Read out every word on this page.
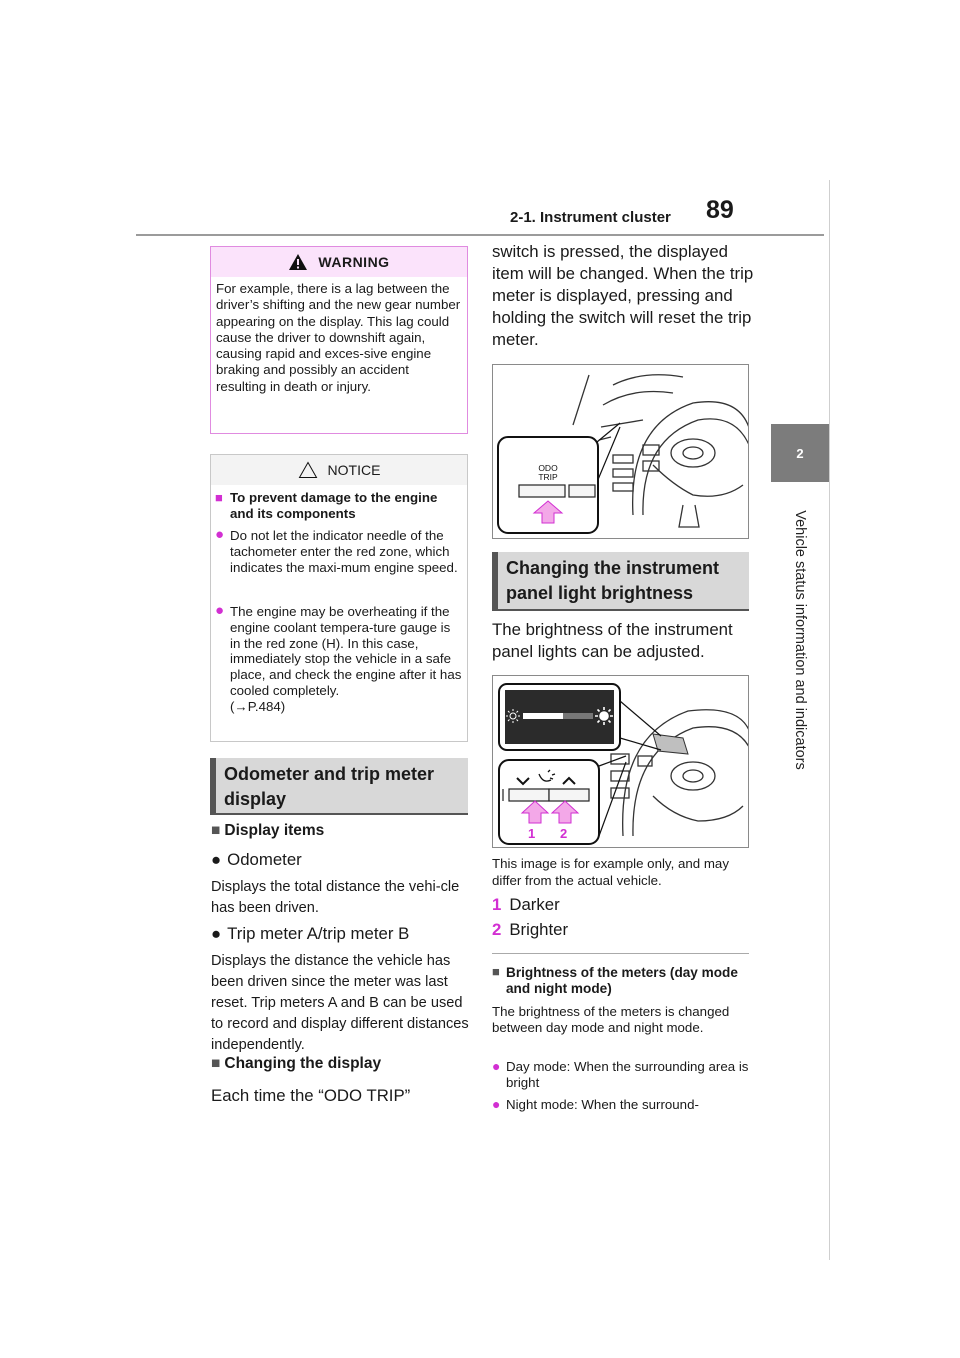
2-1. Instrument cluster 89
2
Vehicle status information and indicators
WARNING
For example, there is a lag between the driver’s shifting and the new gear number appearing on the display. This lag could cause the driver to downshift again, causing rapid and exces-sive engine braking and possibly an accident resulting in death or injury.
NOTICE
■ To prevent damage to the engine and its components
● Do not let the indicator needle of the tachometer enter the red zone, which indicates the maxi-mum engine speed.
● The engine may be overheating if the engine coolant tempera-ture gauge is in the red zone (H). In this case, immediately stop the vehicle in a safe place, and check the engine after it has cooled completely.
(→P.484)
Odometer and trip meter display
■ Display items
● Odometer
Displays the total distance the vehi-cle has been driven.
● Trip meter A/trip meter B
Displays the distance the vehicle has been driven since the meter was last reset. Trip meters A and B can be used to record and display different distances independently.
■ Changing the display
Each time the “ODO TRIP”
switch is pressed, the displayed item will be changed. When the trip meter is displayed, pressing and holding the switch will reset the trip meter.
ODO
TRIP
Changing the instrument panel light brightness
The brightness of the instrument panel lights can be adjusted.
1 2
This image is for example only, and may differ from the actual vehicle.
1 Darker
2 Brighter
■ Brightness of the meters (day mode and night mode)
The brightness of the meters is changed between day mode and night mode.
● Day mode: When the surrounding area is bright
● Night mode: When the surround-
